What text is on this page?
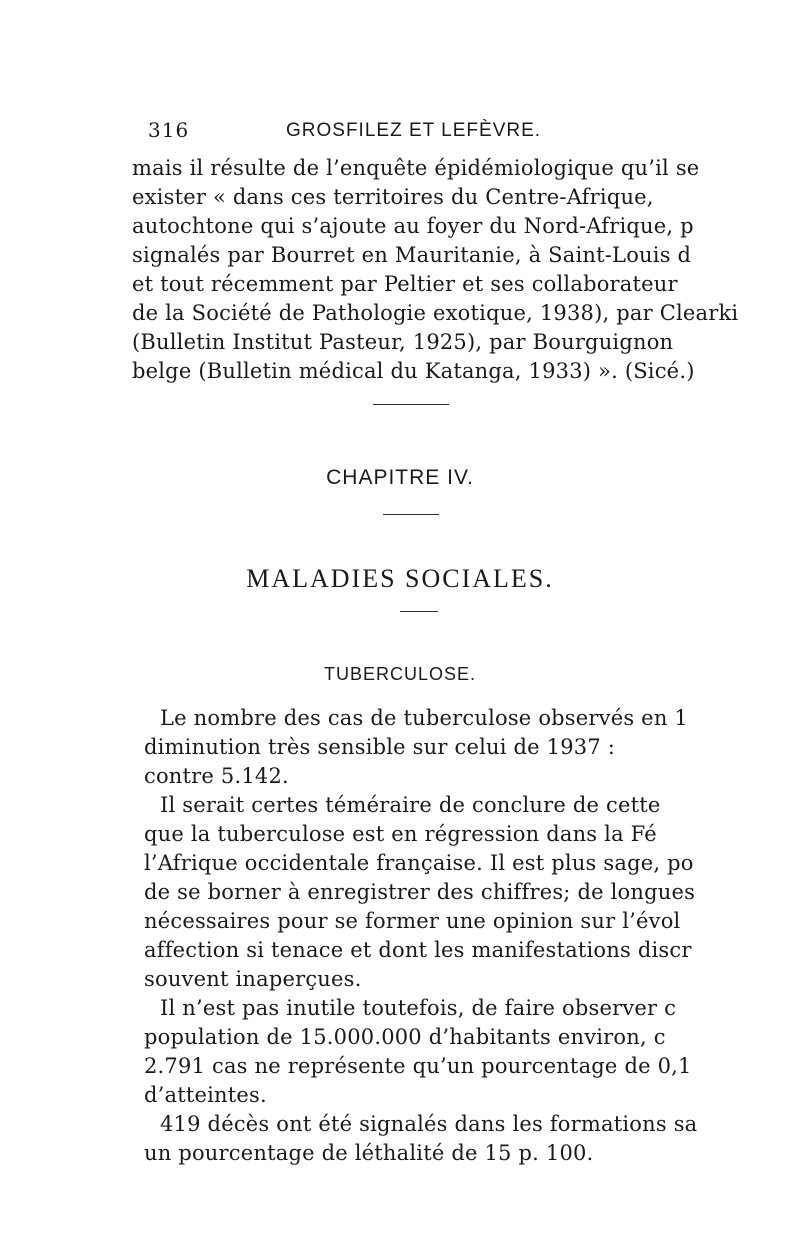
316	GROSFILEZ ET LEFÈVRE.
mais il résulte de l’enquête épidémiologique qu’il se
exister « dans ces territoires du Centre-Afrique,
autochtone qui s’ajoute au foyer du Nord-Afrique, p
signalés par Bourret en Mauritanie, à Saint-Louis d
et tout récemment par Peltier et ses collaborateur
de la Société de Pathologie exotique, 1938), par Clearki
(Bulletin Institut Pasteur, 1925), par Bourguignon
belge (Bulletin médical du Katanga, 1933) ». (Sicé.)
CHAPITRE IV.
MALADIES SOCIALES.
TUBERCULOSE.
Le nombre des cas de tuberculose observés en 1
diminution très sensible sur celui de 1937 :
contre 5.142.
Il serait certes téméraire de conclure de cette
que la tuberculose est en régression dans la Fé
l’Afrique occidentale française. Il est plus sage, po
de se borner à enregistrer des chiffres; de longues
nécessaires pour se former une opinion sur l’évol
affection si tenace et dont les manifestations discr
souvent inaperçues.
Il n’est pas inutile toutefois, de faire observer c
population de 15.000.000 d’habitants environ, c
2.791 cas ne représente qu’un pourcentage de 0,1
d’atteintes.
419 décès ont été signalés dans les formations sa
un pourcentage de léthalité de 15 p. 100.
